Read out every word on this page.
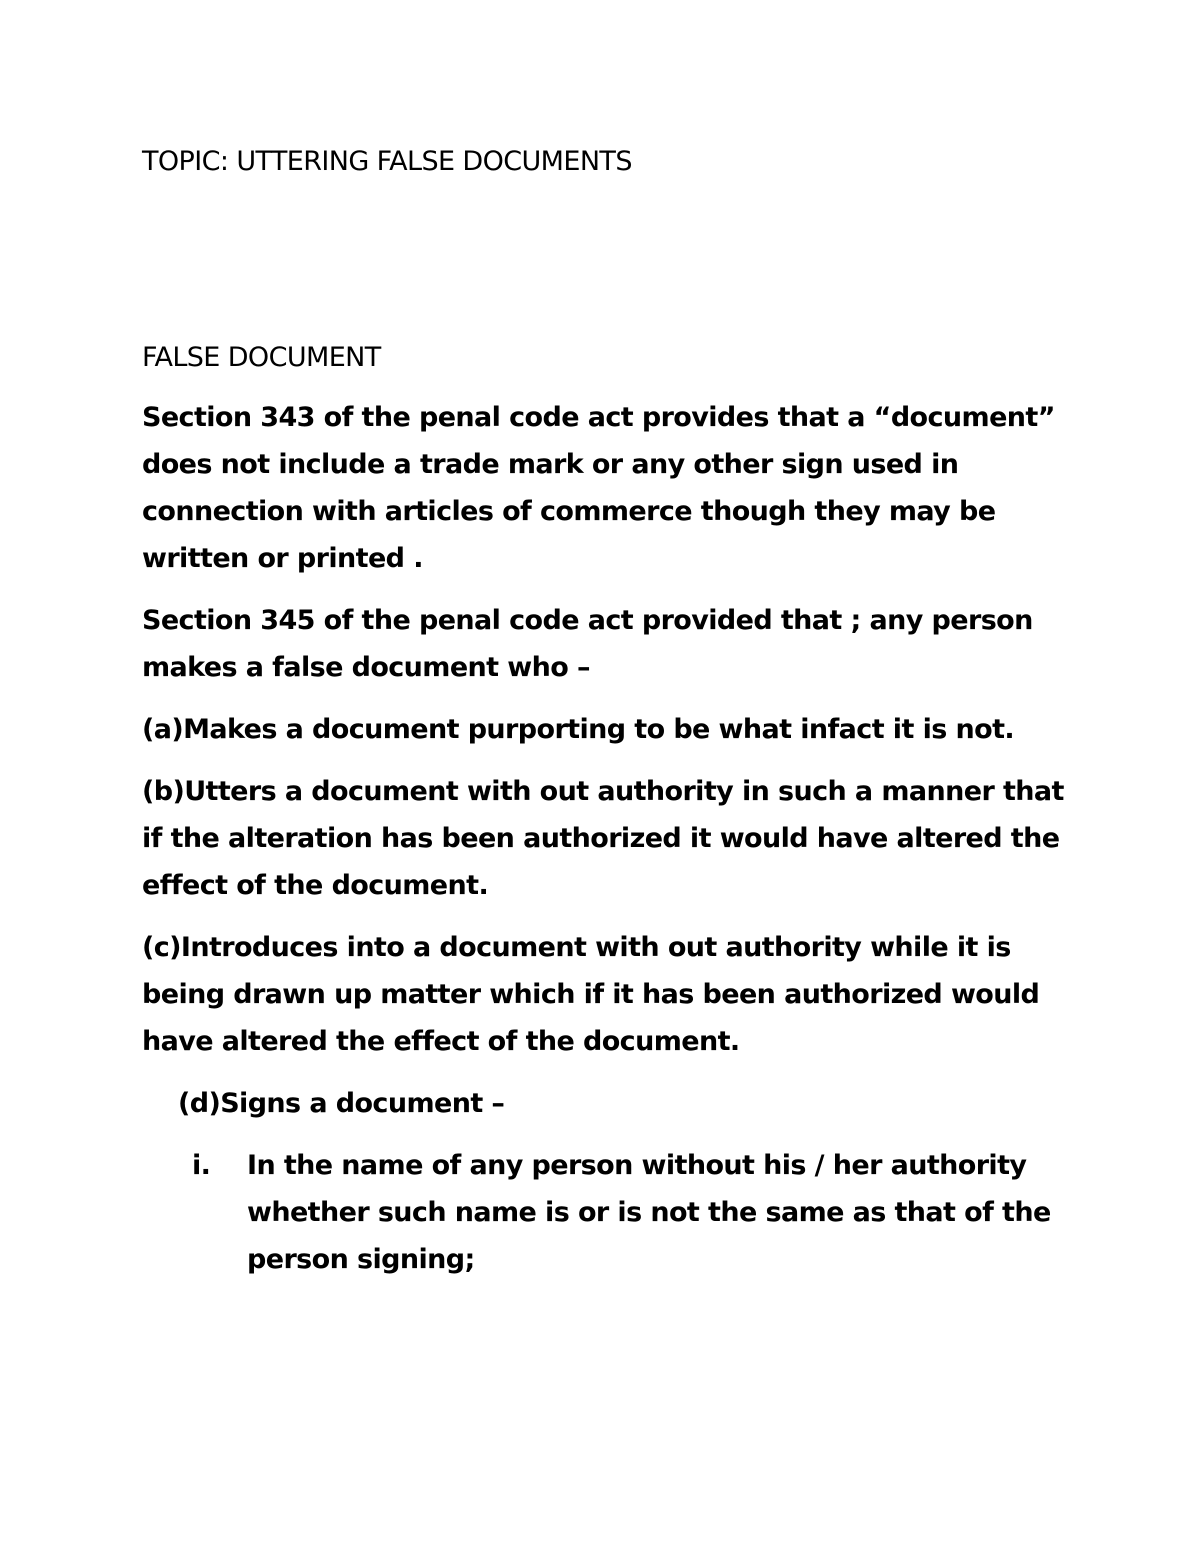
TOPIC: UTTERING FALSE DOCUMENTS

FALSE DOCUMENT

Section 343 of the penal code act provides that a “document” does not include a trade mark or any other sign used in connection with articles of commerce though they may be written or printed .

Section 345 of the penal code act provided that ; any person makes a false document who –

(a)Makes a document purporting to be what infact it is not.

(b)Utters a document with out authority in such a manner that if the alteration has been authorized it would have altered the effect of the document.

(c)Introduces into a document with out authority while it is being drawn up matter which if it has been authorized would have altered the effect of the document.

(d)Signs a document –

i.	In the name of any person without his / her authority whether such name is or is not the same as that of the person signing;
